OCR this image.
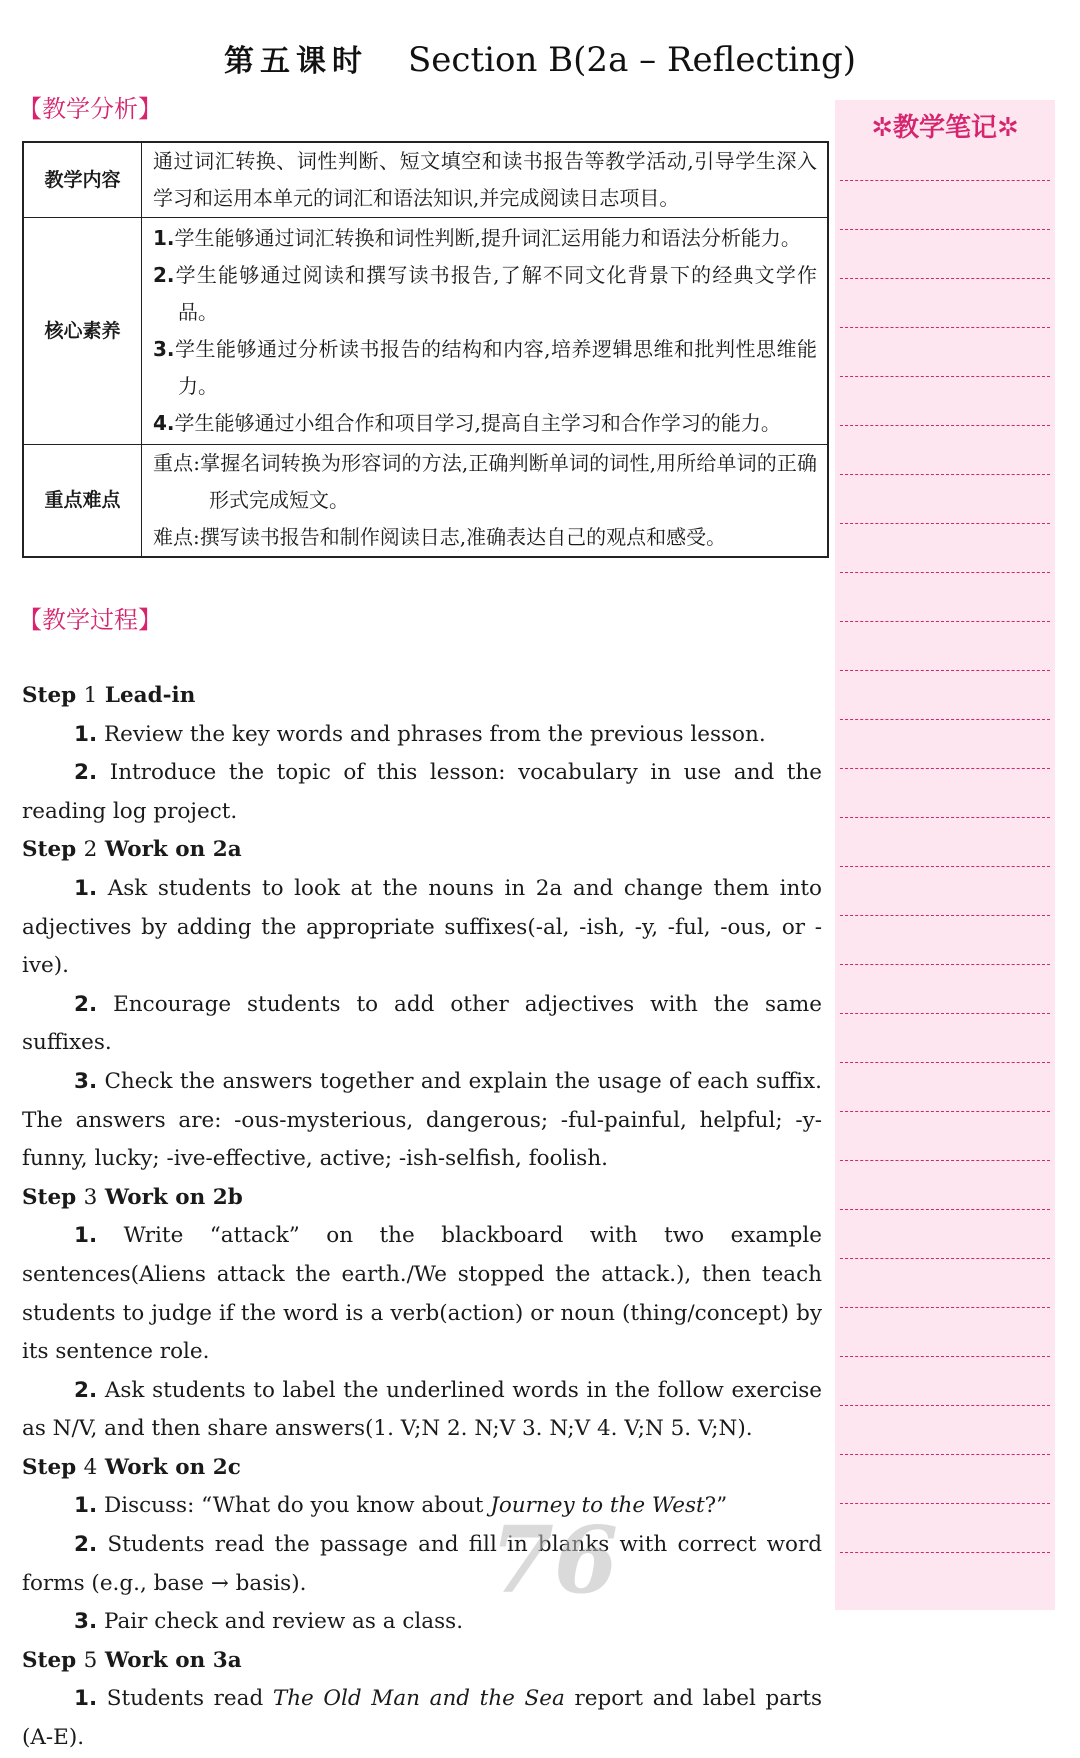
第五课时 Section B(2a – Reflecting)
【教学分析】
教学内容	通过词汇转换、词性判断、短文填空和读书报告等教学活动,引导学生深入学习和运用本单元的词汇和语法知识,并完成阅读日志项目。
核心素养	1.学生能够通过词汇转换和词性判断,提升词汇运用能力和语法分析能力。
2.学生能够通过阅读和撰写读书报告,了解不同文化背景下的经典文学作品。
3.学生能够通过分析读书报告的结构和内容,培养逻辑思维和批判性思维能力。
4.学生能够通过小组合作和项目学习,提高自主学习和合作学习的能力。

重点难点	重点:掌握名词转换为形容词的方法,正确判断单词的词性,用所给单词的正确形式完成短文。
难点:撰写读书报告和制作阅读日志,准确表达自己的观点和感受。
【教学过程】

Step 1 Lead-in

1. Review the key words and phrases from the previous lesson.

2. Introduce the topic of this lesson: vocabulary in use and the reading log project.

Step 2 Work on 2a

1. Ask students to look at the nouns in 2a and change them into adjectives by adding the appropriate suffixes(-al, -ish, -y, -ful, -ous, or -ive).

2. Encourage students to add other adjectives with the same suffixes.

3. Check the answers together and explain the usage of each suffix. The answers are: -ous-mysterious, dangerous; -ful-painful, helpful; -y-funny, lucky; -ive-effective, active; -ish-selfish, foolish.

Step 3 Work on 2b

1. Write “attack” on the blackboard with two example sentences(Aliens attack the earth./We stopped the attack.), then teach students to judge if the word is a verb(action) or noun (thing/concept) by its sentence role.

2. Ask students to label the underlined words in the follow exercise as N/V, and then share answers(1. V;N 2. N;V 3. N;V 4. V;N 5. V;N).

Step 4 Work on 2c

1. Discuss: “What do you know about Journey to the West?”

2. Students read the passage and fill in blanks with correct word forms (e.g., base → basis).

3. Pair check and review as a class.

Step 5 Work on 3a

1. Students read The Old Man and the Sea report and label parts (A-E).

✲教学笔记✲
76
